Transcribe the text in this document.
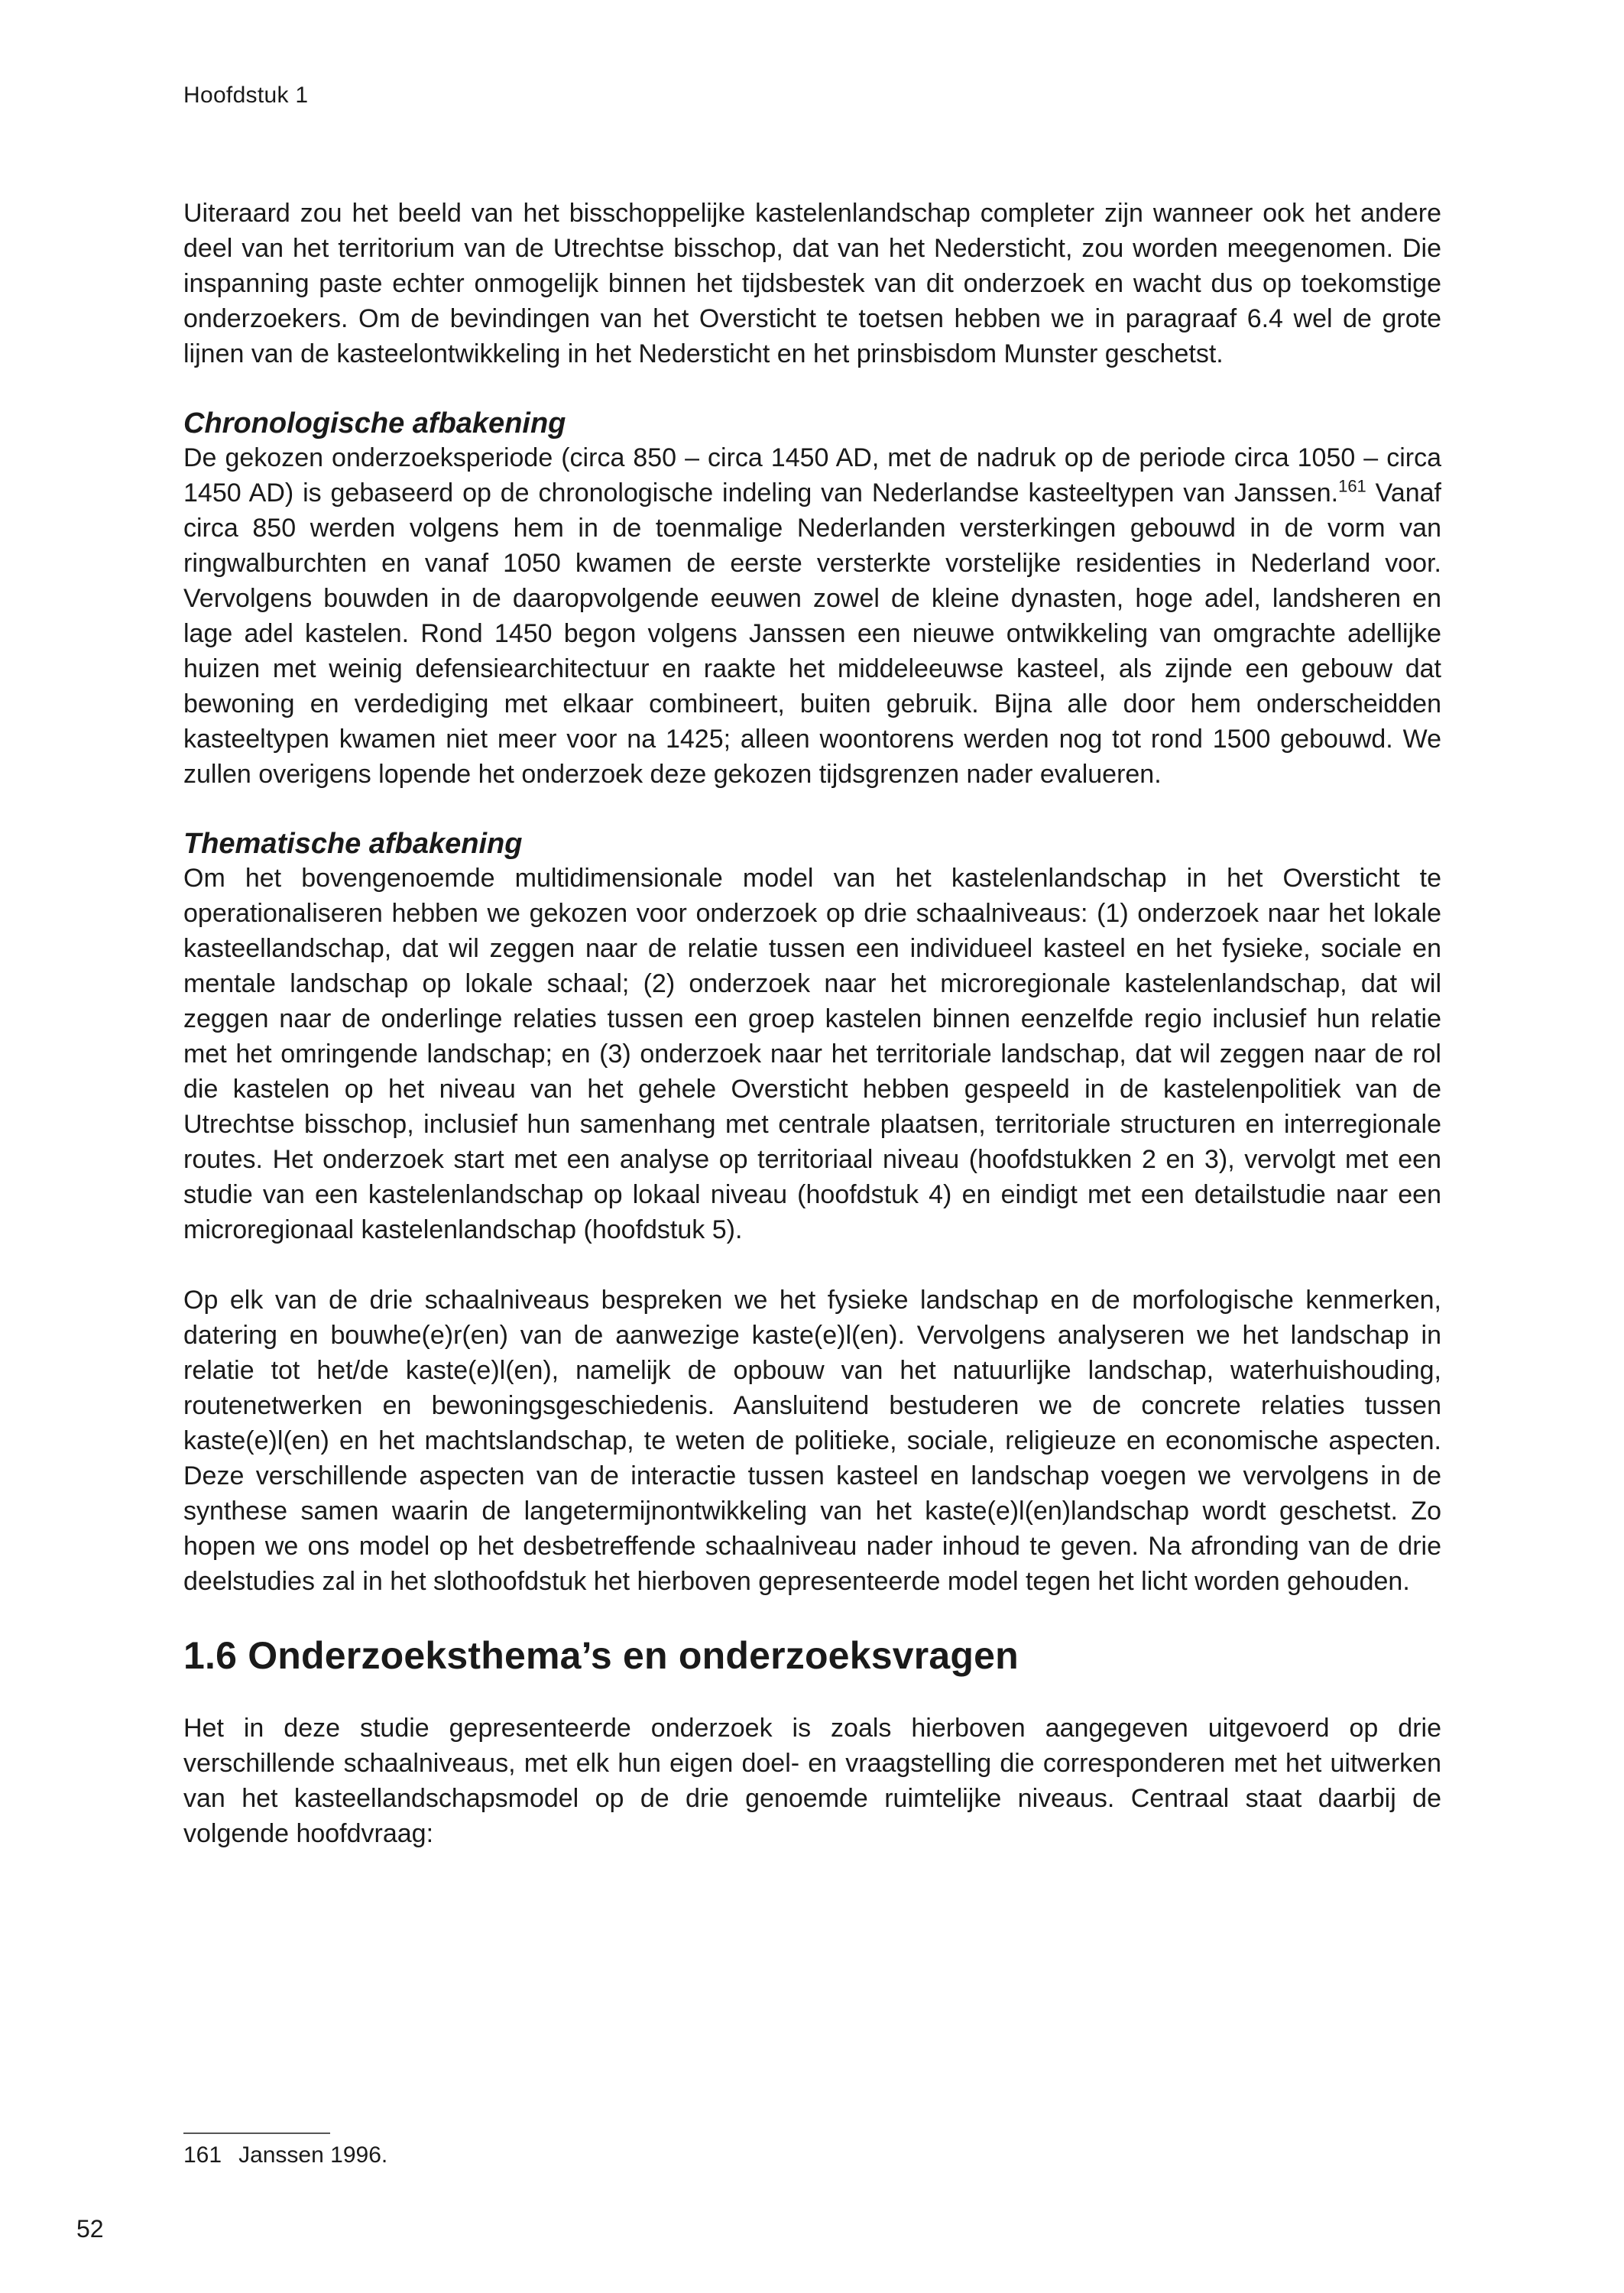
Hoofdstuk 1

Uiteraard zou het beeld van het bisschoppelijke kastelenlandschap completer zijn wanneer ook het andere deel van het territorium van de Utrechtse bisschop, dat van het Nedersticht, zou worden meegenomen. Die inspanning paste echter onmogelijk binnen het tijdsbestek van dit onderzoek en wacht dus op toekomstige onderzoekers. Om de bevindingen van het Oversticht te toetsen hebben we in paragraaf 6.4 wel de grote lijnen van de kasteelontwikkeling in het Nedersticht en het prinsbisdom Munster geschetst.

Chronologische afbakening

De gekozen onderzoeksperiode (circa 850 – circa 1450 AD, met de nadruk op de periode circa 1050 – circa 1450 AD) is gebaseerd op de chronologische indeling van Nederlandse kasteeltypen van Janssen.$^{161}$ Vanaf circa 850 werden volgens hem in de toenmalige Nederlanden versterkingen gebouwd in de vorm van ringwalburchten en vanaf 1050 kwamen de eerste versterkte vorstelijke residenties in Nederland voor. Vervolgens bouwden in de daaropvolgende eeuwen zowel de kleine dynasten, hoge adel, landsheren en lage adel kastelen. Rond 1450 begon volgens Janssen een nieuwe ontwikkeling van omgrachte adellijke huizen met weinig defensiearchitectuur en raakte het middeleeuwse kasteel, als zijnde een gebouw dat bewoning en verdediging met elkaar combineert, buiten gebruik. Bijna alle door hem onderscheidden kasteeltypen kwamen niet meer voor na 1425; alleen woontorens werden nog tot rond 1500 gebouwd. We zullen overigens lopende het onderzoek deze gekozen tijdsgrenzen nader evalueren.

Thematische afbakening

Om het bovengenoemde multidimensionale model van het kastelenlandschap in het Oversticht te operationaliseren hebben we gekozen voor onderzoek op drie schaalniveaus: (1) onderzoek naar het lokale kasteellandschap, dat wil zeggen naar de relatie tussen een individueel kasteel en het fysieke, sociale en mentale landschap op lokale schaal; (2) onderzoek naar het microregionale kastelenlandschap, dat wil zeggen naar de onderlinge relaties tussen een groep kastelen binnen eenzelfde regio inclusief hun relatie met het omringende landschap; en (3) onderzoek naar het territoriale landschap, dat wil zeggen naar de rol die kastelen op het niveau van het gehele Oversticht hebben gespeeld in de kastelenpolitiek van de Utrechtse bisschop, inclusief hun samenhang met centrale plaatsen, territoriale structuren en interregionale routes. Het onderzoek start met een analyse op territoriaal niveau (hoofdstukken 2 en 3), vervolgt met een studie van een kastelenlandschap op lokaal niveau (hoofdstuk 4) en eindigt met een detailstudie naar een microregionaal kastelenlandschap (hoofdstuk 5).

Op elk van de drie schaalniveaus bespreken we het fysieke landschap en de morfologische kenmerken, datering en bouwhe(e)r(en) van de aanwezige kaste(e)l(en). Vervolgens analyseren we het landschap in relatie tot het/de kaste(e)l(en), namelijk de opbouw van het natuurlijke landschap, waterhuishouding, routenetwerken en bewoningsgeschiedenis. Aansluitend bestuderen we de concrete relaties tussen kaste(e)l(en) en het machtslandschap, te weten de politieke, sociale, religieuze en economische aspecten. Deze verschillende aspecten van de interactie tussen kasteel en landschap voegen we vervolgens in de synthese samen waarin de langetermijnontwikkeling van het kaste(e)l(en)landschap wordt geschetst. Zo hopen we ons model op het desbetreffende schaalniveau nader inhoud te geven. Na afronding van de drie deelstudies zal in het slothoofdstuk het hierboven gepresenteerde model tegen het licht worden gehouden.

1.6 Onderzoeksthema’s en onderzoeksvragen

Het in deze studie gepresenteerde onderzoek is zoals hierboven aangegeven uitgevoerd op drie verschillende schaalniveaus, met elk hun eigen doel- en vraagstelling die corresponderen met het uitwerken van het kasteellandschapsmodel op de drie genoemde ruimtelijke niveaus. Centraal staat daarbij de volgende hoofdvraag:

161 Janssen 1996.
52
